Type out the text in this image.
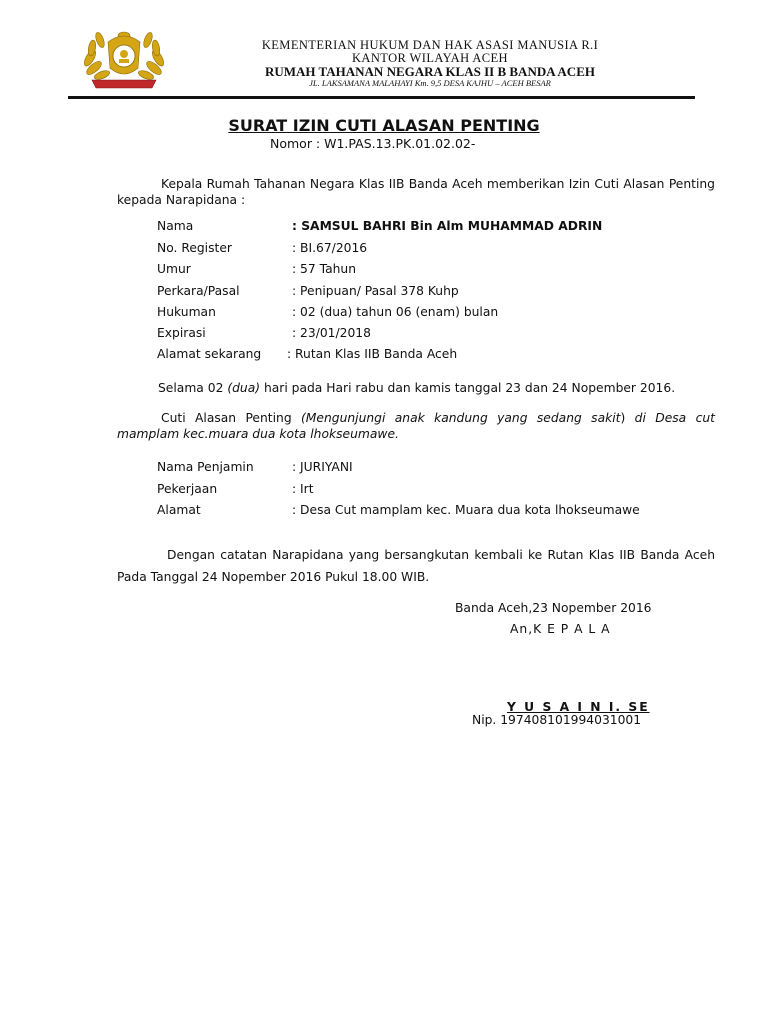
KEMENTERIAN HUKUM DAN HAK ASASI MANUSIA R.I
KANTOR WILAYAH ACEH
RUMAH TAHANAN NEGARA KLAS II B BANDA ACEH
JL. LAKSAMANA MALAHAYI Km. 9,5 DESA KAJHU – ACEH BESAR
SURAT IZIN CUTI ALASAN PENTING
Nomor : W1.PAS.13.PK.01.02.02-
Kepala Rumah Tahanan Negara Klas IIB Banda Aceh memberikan Izin Cuti Alasan Penting kepada Narapidana :
Nama	: SAMSUL BAHRI Bin Alm MUHAMMAD ADRIN
No. Register	: BI.67/2016
Umur	: 57 Tahun
Perkara/Pasal	: Penipuan/ Pasal 378 Kuhp
Hukuman	: 02 (dua) tahun 06 (enam) bulan
Expirasi	: 23/01/2018
Alamat sekarang : Rutan Klas IIB Banda Aceh
Selama 02 (dua) hari pada Hari rabu dan kamis tanggal 23 dan 24 Nopember 2016.
Cuti Alasan Penting (Mengunjungi anak kandung yang sedang sakit) di Desa cut mamplam kec.muara dua kota lhokseumawe.
Nama Penjamin	: JURIYANI
Pekerjaan	: Irt
Alamat	: Desa Cut mamplam kec. Muara dua kota lhokseumawe
Dengan catatan Narapidana yang bersangkutan kembali ke Rutan Klas IIB Banda Aceh Pada Tanggal 24 Nopember 2016 Pukul 18.00 WIB.
Banda Aceh,23 Nopember 2016
An,K E P A L A
Y U S A I N I. SE
Nip. 197408101994031001
